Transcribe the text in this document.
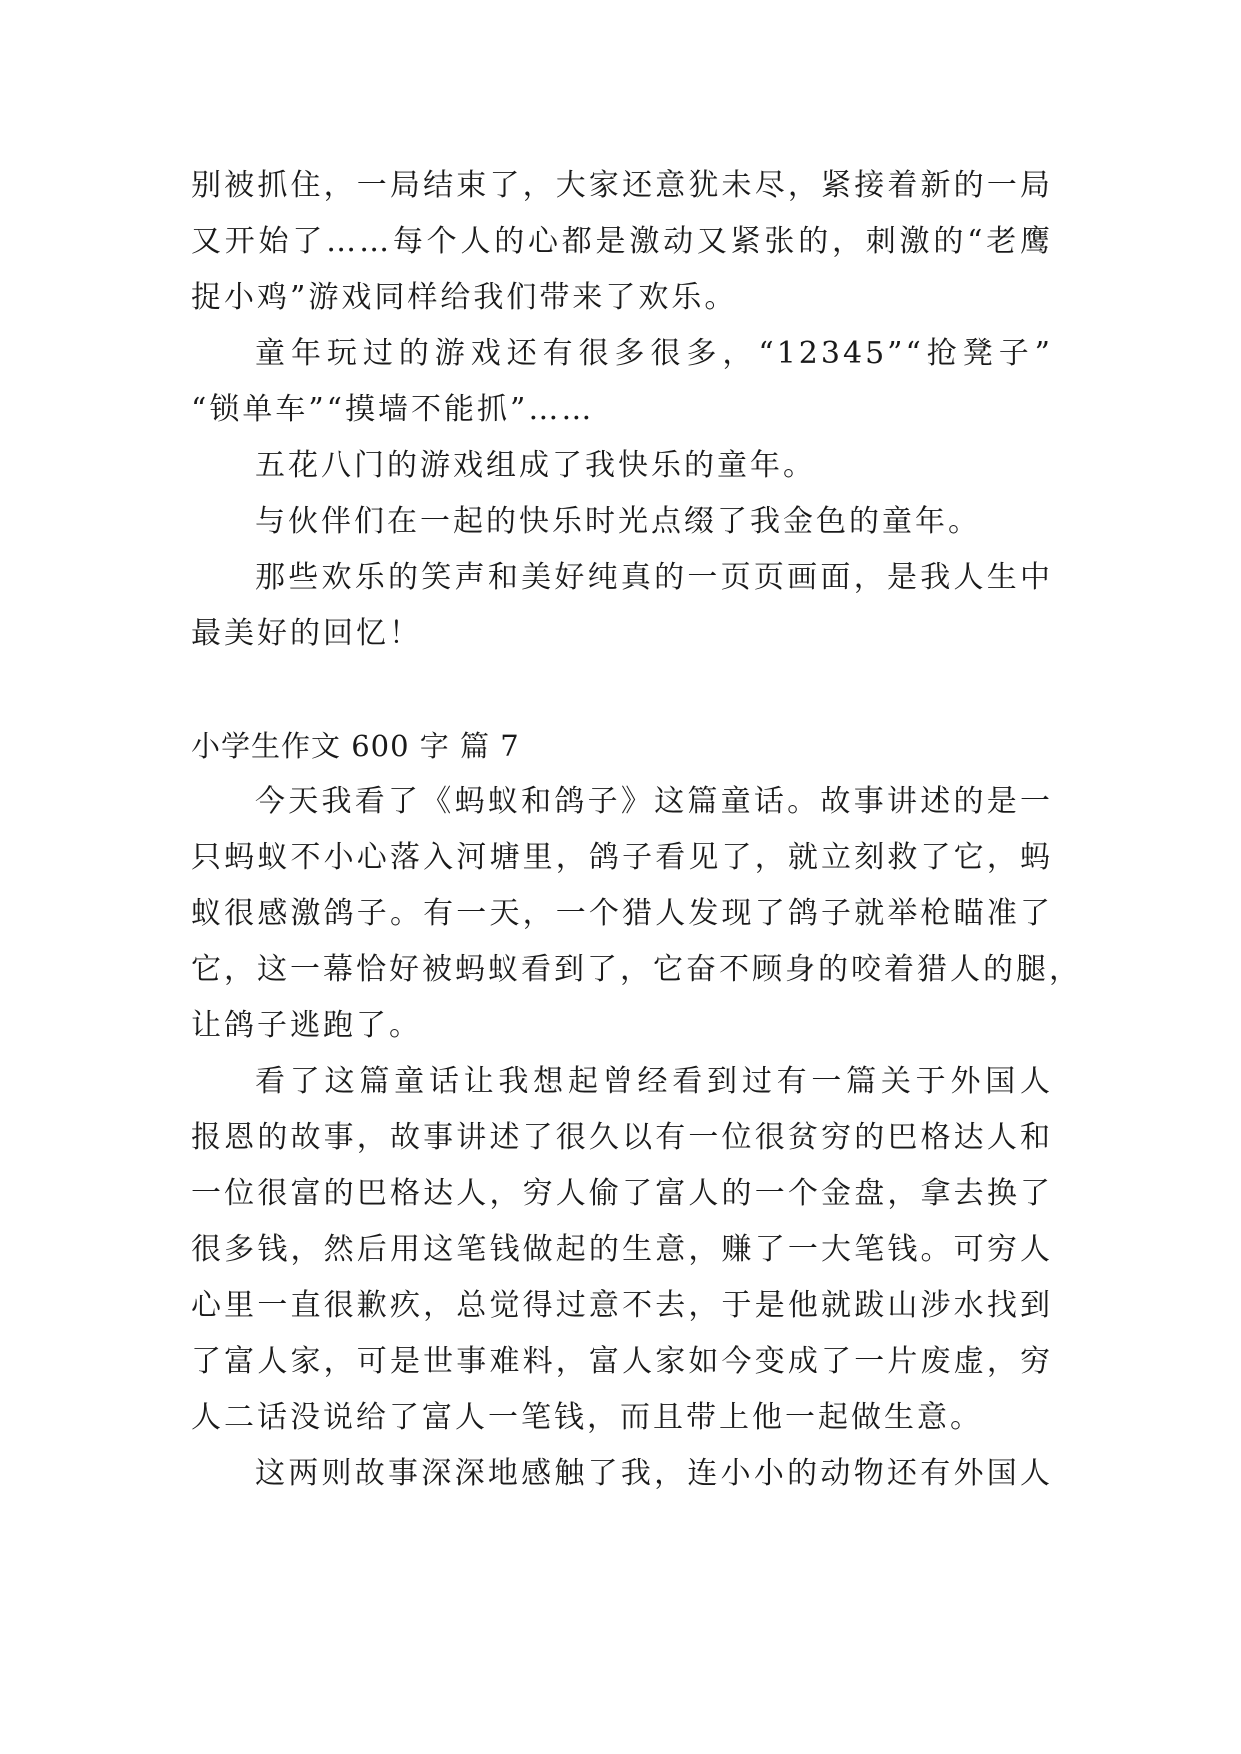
别被抓住，一局结束了，大家还意犹未尽，紧接着新的一局
又开始了……每个人的心都是激动又紧张的，刺激的“老鹰
捉小鸡”游戏同样给我们带来了欢乐。
童年玩过的游戏还有很多很多，“12345”“抢凳子”
“锁单车”“摸墙不能抓”……
五花八门的游戏组成了我快乐的童年。
与伙伴们在一起的快乐时光点缀了我金色的童年。
那些欢乐的笑声和美好纯真的一页页画面，是我人生中
最美好的回忆！
小学生作文 600 字 篇 7
今天我看了《蚂蚁和鸽子》这篇童话。故事讲述的是一
只蚂蚁不小心落入河塘里，鸽子看见了，就立刻救了它，蚂
蚁很感激鸽子。有一天，一个猎人发现了鸽子就举枪瞄准了
它，这一幕恰好被蚂蚁看到了，它奋不顾身的咬着猎人的腿，
让鸽子逃跑了。
看了这篇童话让我想起曾经看到过有一篇关于外国人
报恩的故事，故事讲述了很久以有一位很贫穷的巴格达人和
一位很富的巴格达人，穷人偷了富人的一个金盘，拿去换了
很多钱，然后用这笔钱做起的生意，赚了一大笔钱。可穷人
心里一直很歉疚，总觉得过意不去，于是他就跋山涉水找到
了富人家，可是世事难料，富人家如今变成了一片废虚，穷
人二话没说给了富人一笔钱，而且带上他一起做生意。
这两则故事深深地感触了我，连小小的动物还有外国人
